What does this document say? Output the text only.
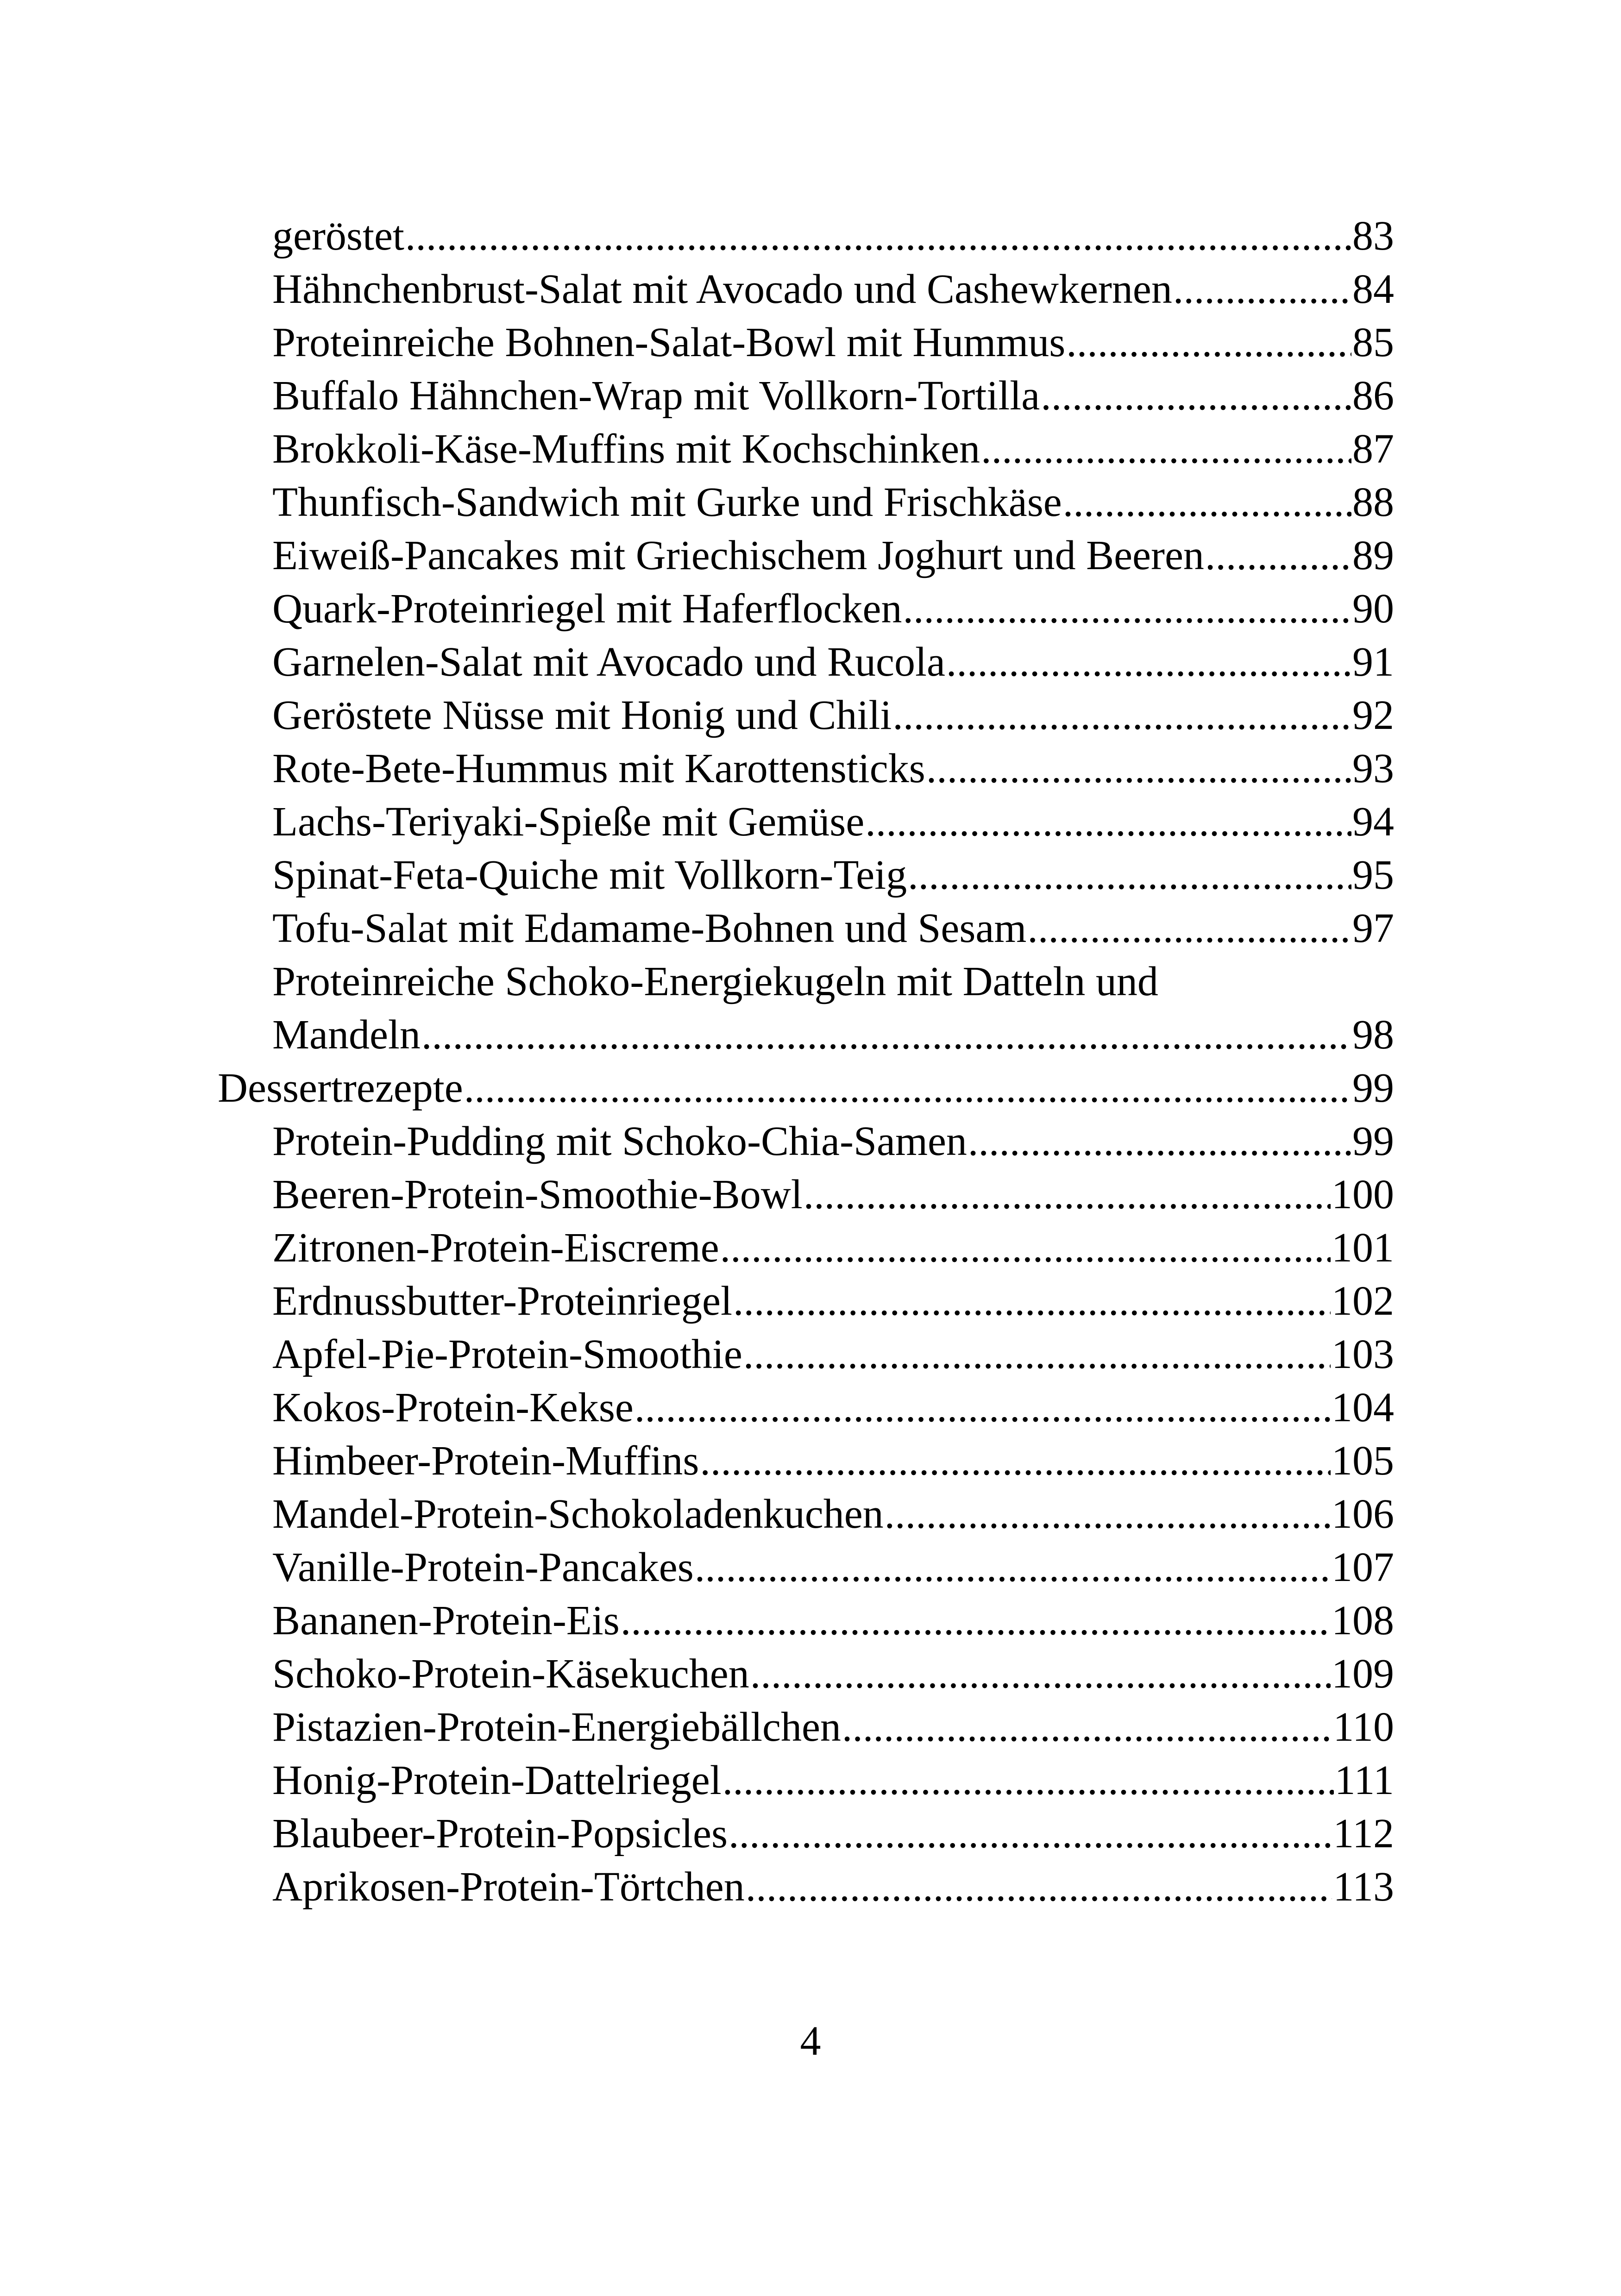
geröstet .....	83
Hähnchenbrust-Salat mit Avocado und Cashewkernen .....	84
Proteinreiche Bohnen-Salat-Bowl mit Hummus .....	85
Buffalo Hähnchen-Wrap mit Vollkorn-Tortilla .....	86
Brokkoli-Käse-Muffins mit Kochschinken .....	87
Thunfisch-Sandwich mit Gurke und Frischkäse .....	88
Eiweiß-Pancakes mit Griechischem Joghurt und Beeren .....	89
Quark-Proteinriegel mit Haferflocken .....	90
Garnelen-Salat mit Avocado und Rucola .....	91
Geröstete Nüsse mit Honig und Chili .....	92
Rote-Bete-Hummus mit Karottensticks .....	93
Lachs-Teriyaki-Spieße mit Gemüse .....	94
Spinat-Feta-Quiche mit Vollkorn-Teig .....	95
Tofu-Salat mit Edamame-Bohnen und Sesam .....	97
Proteinreiche Schoko-Energiekugeln mit Datteln und
Mandeln .....	98
Dessertrezepte .....	99
Protein-Pudding mit Schoko-Chia-Samen .....	99
Beeren-Protein-Smoothie-Bowl .....	100
Zitronen-Protein-Eiscreme .....	101
Erdnussbutter-Proteinriegel .....	102
Apfel-Pie-Protein-Smoothie .....	103
Kokos-Protein-Kekse .....	104
Himbeer-Protein-Muffins .....	105
Mandel-Protein-Schokoladenkuchen .....	106
Vanille-Protein-Pancakes .....	107
Bananen-Protein-Eis .....	108
Schoko-Protein-Käsekuchen .....	109
Pistazien-Protein-Energiebällchen .....	110
Honig-Protein-Dattelriegel .....	111
Blaubeer-Protein-Popsicles .....	112
Aprikosen-Protein-Törtchen .....	113
4
